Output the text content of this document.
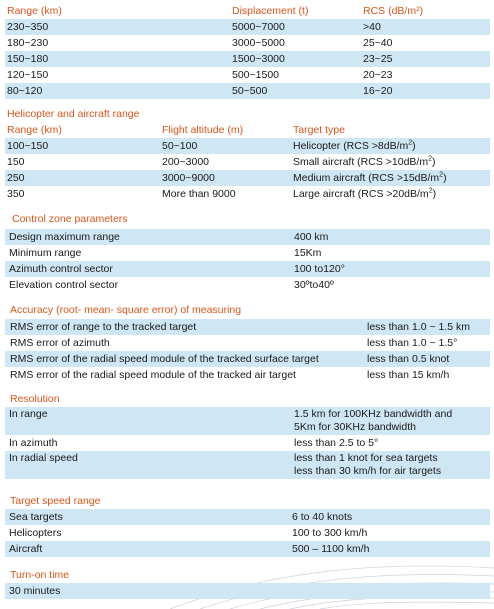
Range (km)	Displacement (t)	RCS (dB/m²)
230~350	5000~7000	>40
180~230	3000~5000	25~40
150~180	1500~3000	23~25
120~150	500~1500	20~23
80~120	50~500	16~20
Helicopter and aircraft range
Range (km)	Flight altitude (m)	Target type
100~150	50~100	Helicopter $(RCS >8dB/m^2)$
150	200~3000	Small aircraft $(RCS >10dB/m^2)$
250	3000~9000	Medium aircraft $(RCS >15dB/m^2)$
350	More than 9000	Large aircraft $(RCS >20dB/m^2)$
Control zone parameters
Design maximum range	400 km
Minimum range	15Km
Azimuth control sector	100 to120°
Elevation control sector	30ºto40º
Accuracy (root- mean- square error) of measuring
RMS error of range to the tracked target	less than 1.0 ~ 1.5 km
RMS error of azimuth	less than 1.0 ~ 1.5°
RMS error of the radial speed module of the tracked surface target	less than 0.5 knot
RMS error of the radial speed module of the tracked air target	less than 15 km/h
Resolution
In range	1.5 km for 100KHz bandwidth and
5Km for 30KHz bandwidth
In azimuth	less than 2.5 to 5°
In radial speed	less than 1 knot for sea targets
less than 30 km/h for air targets
Target speed range
Sea targets	6 to 40 knots
Helicopters	100 to 300 km/h
Aircraft	500 – 1100 km/h
Turn-on time
30 minutes
